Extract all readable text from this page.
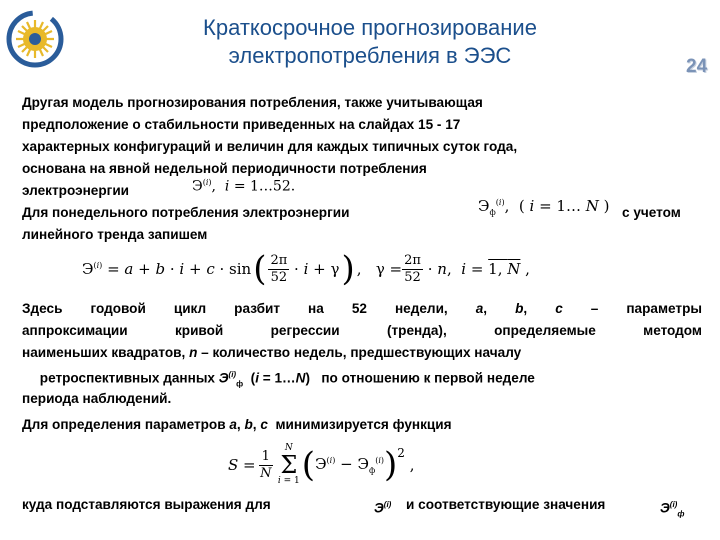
Краткосрочное прогнозирование
электропотребления в ЭЭС	24
Другая модель прогнозирования потребления, также учитывающая
предположение о стабильности приведенных на слайдах 15 - 17
характерных конфигураций и величин для каждых типичных суток года,
основана на явной недельной периодичности потребления
электроэнергии	$Э^{(i)}$,  i = 1…52.
Для понедельного потребления электроэнергии	$Э_ф^{(i)}$,  ( i = 1… N ) с учетом
линейного тренда запишем
$Э^{(i)} = a + b \cdot i + c \cdot \sin$ ( 2π
52 · i + γ ) ,   $\gamma = \frac{2\pi}{52} \cdot n$,  i = 1, N ,
Здесь годовой цикл разбит на 52 недели, a, b, c – параметры
аппроксимации кривой регрессии (тренда), определяемые методом
наименьших квадратов, n – количество недель, предшествующих началу
ретроспективных данных $Э^{(i)}_ф$  (i = 1…N)   по отношению к первой неделе
периода наблюдений.
Для определения параметров a, b, c  минимизируется функция
$S = \frac{1}{N}$
N
Σ
i = 1 ( $Э^{(i)} - Э_ф^{(i)}$ ) 2
,
куда подставляются выражения для	$Э^{(i)}$ и соответствующие значения	$Э^{(i)}_ф$
